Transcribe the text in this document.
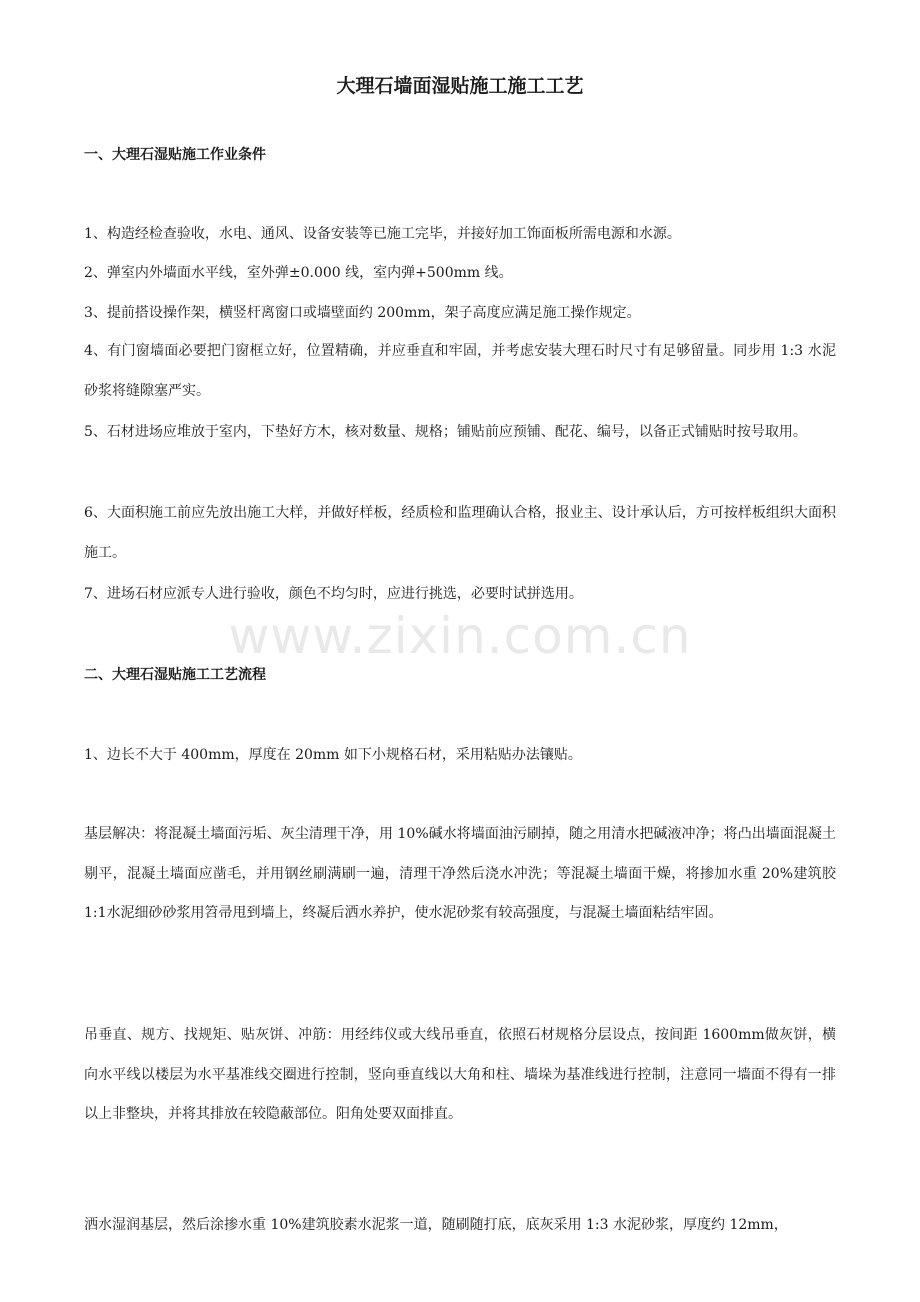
大理石墙面湿贴施工施工工艺
一、大理石湿贴施工作业条件

1、构造经检查验收，水电、通风、设备安装等已施工完毕，并接好加工饰面板所需电源和水源。

2、弹室内外墙面水平线，室外弹±0.000 线，室内弹+500mm 线。

3、提前搭设操作架，横竖杆离窗口或墙壁面约 200mm，架子高度应满足施工操作规定。

4、有门窗墙面必要把门窗框立好，位置精确，并应垂直和牢固，并考虑安装大理石时尺寸有足够留量。同步用 1:3 水泥砂浆将缝隙塞严实。

5、石材进场应堆放于室内，下垫好方木，核对数量、规格；铺贴前应预铺、配花、编号，以备正式铺贴时按号取用。

6、大面积施工前应先放出施工大样，并做好样板，经质检和监理确认合格，报业主、设计承认后，方可按样板组织大面积施工。

7、进场石材应派专人进行验收，颜色不均匀时，应进行挑选，必要时试拼选用。

www.zixin.com.cn
二、大理石湿贴施工工艺流程

1、边长不大于 400mm，厚度在 20mm 如下小规格石材，采用粘贴办法镶贴。

基层解决：将混凝土墙面污垢、灰尘清理干净，用 10%碱水将墙面油污刷掉，随之用清水把碱液冲净；将凸出墙面混凝土剔平，混凝土墙面应凿毛，并用钢丝刷满刷一遍，清理干净然后浇水冲洗；等混凝土墙面干燥，将掺加水重 20%建筑胶 1:1水泥细砂砂浆用笤帚甩到墙上，终凝后洒水养护，使水泥砂浆有较高强度，与混凝土墙面粘结牢固。

吊垂直、规方、找规矩、贴灰饼、冲筋：用经纬仪或大线吊垂直，依照石材规格分层设点，按间距 1600mm做灰饼，横向水平线以楼层为水平基准线交圈进行控制，竖向垂直线以大角和柱、墙垛为基准线进行控制，注意同一墙面不得有一排以上非整块，并将其排放在较隐蔽部位。阳角处要双面排直。

洒水湿润基层，然后涂掺水重 10%建筑胶素水泥浆一道，随刷随打底，底灰采用 1:3 水泥砂浆，厚度约 12mm，
